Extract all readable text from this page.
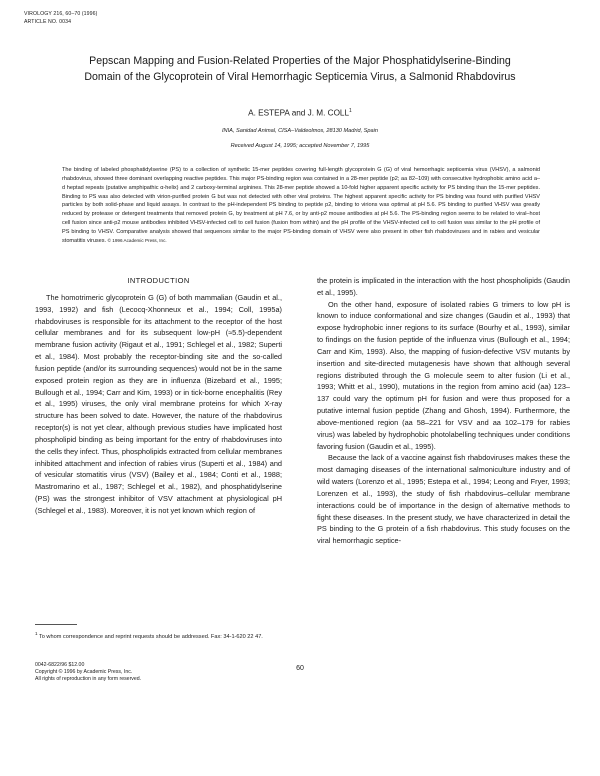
VIROLOGY 216, 60–70 (1996)
ARTICLE NO. 0034
Pepscan Mapping and Fusion-Related Properties of the Major Phosphatidylserine-Binding
Domain of the Glycoprotein of Viral Hemorrhagic Septicemia Virus, a Salmonid Rhabdovirus
A. ESTEPA and J. M. COLL$^1$
INIA, Sanidad Animal, CISA–Valdeolmos, 28130 Madrid, Spain
Received August 14, 1995; accepted November 7, 1995
The binding of labeled phosphatidylserine (PS) to a collection of synthetic 15-mer peptides covering full-length glycoprotein G (G) of viral hemorrhagic septicemia virus (VHSV), a salmonid rhabdovirus, showed three dominant overlapping reactive peptides. This major PS-binding region was contained in a 28-mer peptide (p2; aa 82–109) with consecutive hydrophobic amino acid a–d heptad repeats (putative amphipathic α-helix) and 2 carboxy-terminal arginines. This 28-mer peptide showed a 10-fold higher apparent specific activity for PS binding than the 15-mer peptides. Binding to PS was also detected with virion-purified protein G but was not detected with other viral proteins. The highest apparent specific activity for PS binding was found with purified VHSV particles by both solid-phase and liquid assays. In contrast to the pH-independent PS binding to peptide p2, binding to virions was optimal at pH 5.6. PS binding to purified VHSV was greatly reduced by protease or detergent treatments that removed protein G, by treatment at pH 7.6, or by anti-p2 mouse antibodies at pH 5.6. The PS-binding region seems to be related to viral–host cell fusion since anti-p2 mouse antibodies inhibited VHSV-infected cell to cell fusion (fusion from within) and the pH profile of the VHSV-infected cell to cell fusion was similar to the pH profile of PS binding to VHSV. Comparative analysis showed that sequences similar to the major PS-binding domain of VHSV were also present in other fish rhabdoviruses and in rabies and vesicular stomatitis viruses. © 1996 Academic Press, Inc.
INTRODUCTION

The homotrimeric glycoprotein G (G) of both mammalian (Gaudin et al., 1993, 1992) and fish (Lecocq-Xhonneux et al., 1994; Coll, 1995a) rhabdoviruses is responsible for its attachment to the receptor of the host cellular membranes and for its subsequent low-pH (≈5.5)-dependent membrane fusion activity (Rigaut et al., 1991; Schlegel et al., 1982; Superti et al., 1984). Most probably the receptor-binding site and the so-called fusion peptide (and/or its surrounding sequences) would not be in the same exposed protein region as they are in influenza (Bizebard et al., 1995; Bullough et al., 1994; Carr and Kim, 1993) or in tick-borne encephalitis (Rey et al., 1995) viruses, the only viral membrane proteins for which X-ray structure has been solved to date. However, the nature of the rhabdovirus receptor(s) is not yet clear, although previous studies have implicated host phospholipid binding as being important for the entry of rhabdoviruses into the cells they infect. Thus, phospholipids extracted from cellular membranes inhibited attachment and infection of rabies virus (Superti et al., 1984) and of vesicular stomatitis virus (VSV) (Bailey et al., 1984; Conti et al., 1988; Mastromarino et al., 1987; Schlegel et al., 1982), and phosphatidylserine (PS) was the strongest inhibitor of VSV attachment at physiological pH (Schlegel et al., 1983). Moreover, it is not yet known which region of

the protein is implicated in the interaction with the host phospholipids (Gaudin et al., 1995).

On the other hand, exposure of isolated rabies G trimers to low pH is known to induce conformational and size changes (Gaudin et al., 1993) that expose hydrophobic inner regions to its surface (Bourhy et al., 1993), similar to findings on the fusion peptide of the influenza virus (Bullough et al., 1994; Carr and Kim, 1993). Also, the mapping of fusion-defective VSV mutants by insertion and site-directed mutagenesis have shown that although several regions distributed through the G molecule seem to alter fusion (Li et al., 1993; Whitt et al., 1990), mutations in the region from amino acid (aa) 123–137 could vary the optimum pH for fusion and were thus proposed for a putative internal fusion peptide (Zhang and Ghosh, 1994). Furthermore, the above-mentioned region (aa 58–221 for VSV and aa 102–179 for rabies virus) was labeled by hydrophobic photolabelling techniques under conditions favoring fusion (Gaudin et al., 1995).

Because the lack of a vaccine against fish rhabdoviruses makes these the most damaging diseases of the international salmoniculture industry and of wild waters (Lorenzo et al., 1995; Estepa et al., 1994; Leong and Fryer, 1993; Lorenzen et al., 1993), the study of fish rhabdovirus–cellular membrane interactions could be of importance in the design of alternative methods to fight these diseases. In the present study, we have characterized in detail the PS binding to the G protein of a fish rhabdovirus. This study focuses on the viral hemorrhagic septice-

$^1$ To whom correspondence and reprint requests should be addressed. Fax: 34-1-620 22 47.
0042-6822/96 $12.00
Copyright © 1996 by Academic Press, Inc.
All rights of reproduction in any form reserved.
60
